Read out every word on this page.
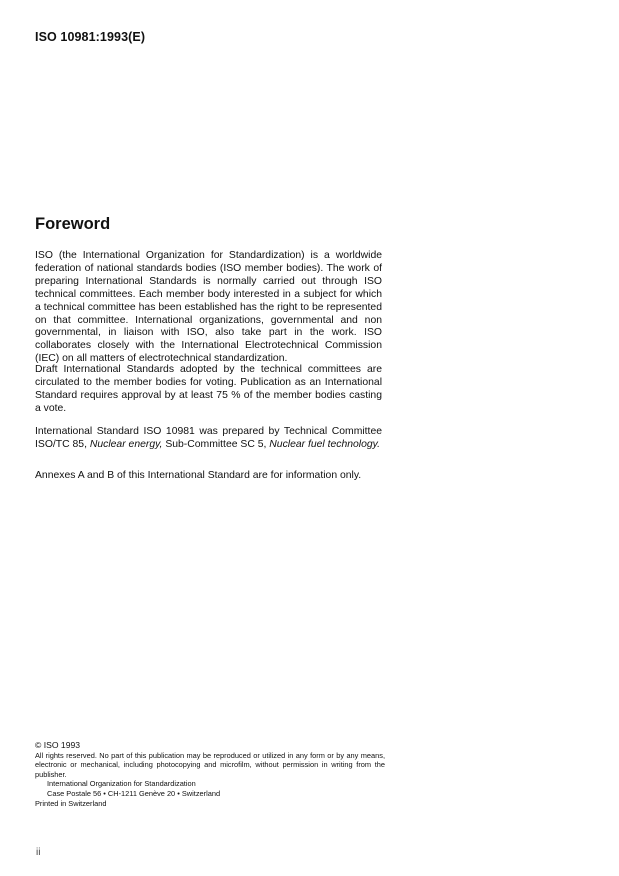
ISO 10981:1993(E)
Foreword
ISO (the International Organization for Standardization) is a worldwide federation of national standards bodies (ISO member bodies). The work of preparing International Standards is normally carried out through ISO technical committees. Each member body interested in a subject for which a technical committee has been established has the right to be represented on that committee. International organizations, governmental and non governmental, in liaison with ISO, also take part in the work. ISO collaborates closely with the International Electrotechnical Commission (IEC) on all matters of electrotechnical standardization.
Draft International Standards adopted by the technical committees are circulated to the member bodies for voting. Publication as an International Standard requires approval by at least 75 % of the member bodies casting a vote.
International Standard ISO 10981 was prepared by Technical Committee ISO/TC 85, Nuclear energy, Sub-Committee SC 5, Nuclear fuel technology.
Annexes A and B of this International Standard are for information only.
© ISO 1993
All rights reserved. No part of this publication may be reproduced or utilized in any form or by any means, electronic or mechanical, including photocopying and microfilm, without permission in writing from the publisher.
International Organization for Standardization
Case Postale 56 • CH-1211 Genève 20 • Switzerland
Printed in Switzerland
ii
